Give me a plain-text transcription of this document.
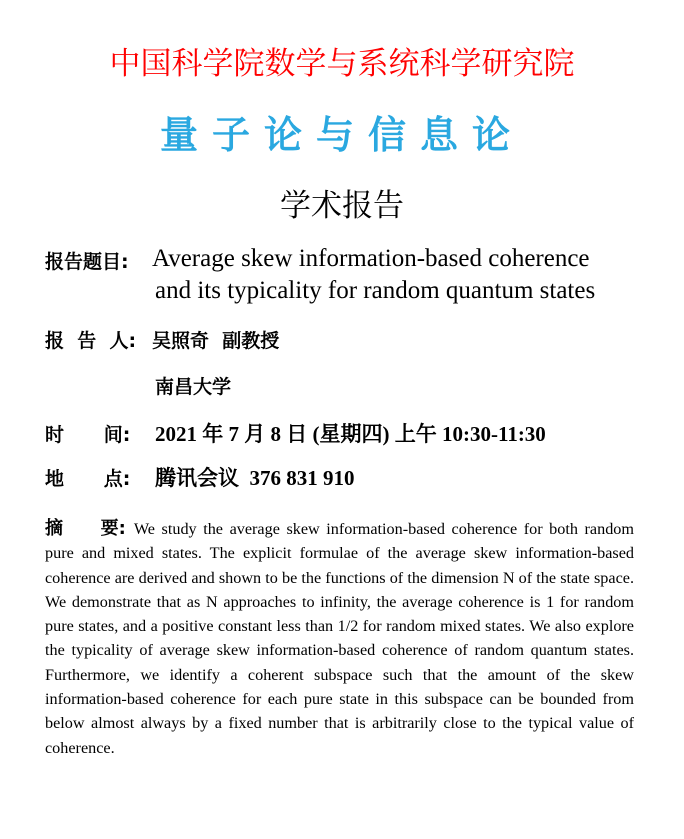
中国科学院数学与系统科学研究院
量子论与信息论
学术报告
报告题目: Average skew information-based coherence
and its typicality for random quantum states
报  告  人: 吴照奇  副教授
南昌大学
时      间: 2021 年 7 月 8 日 (星期四) 上午 10:30-11:30
地      点: 腾讯会议  376 831 910
摘      要: We study the average skew information-based coherence for both random pure and mixed states. The explicit formulae of the average skew information-based coherence are derived and shown to be the functions of the dimension N of the state space. We demonstrate that as N approaches to infinity, the average coherence is 1 for random pure states, and a positive constant less than 1/2 for random mixed states. We also explore the typicality of average skew information-based coherence of random quantum states. Furthermore, we identify a coherent subspace such that the amount of the skew information-based coherence for each pure state in this subspace can be bounded from below almost always by a fixed number that is arbitrarily close to the typical value of coherence.
